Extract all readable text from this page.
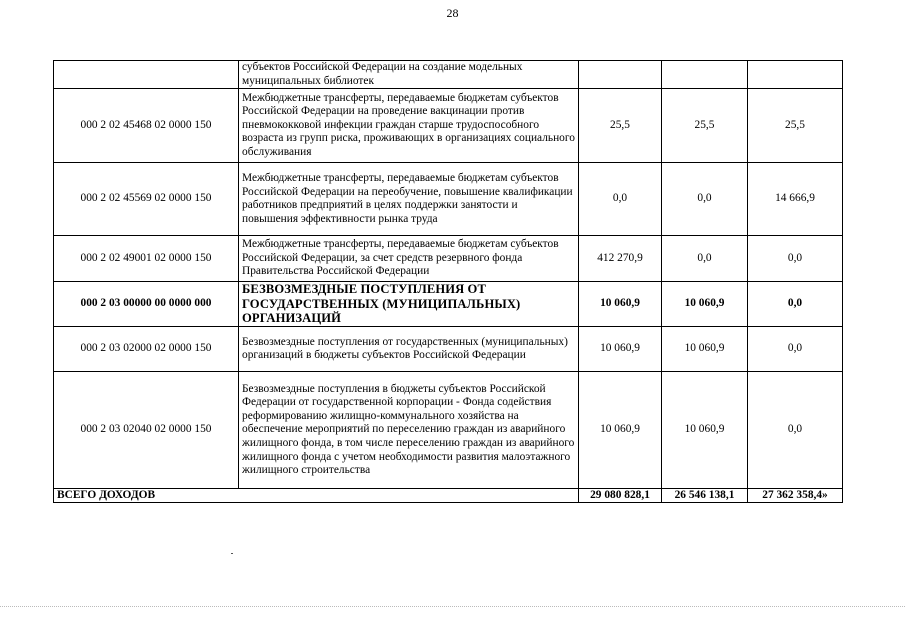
28
	субъектов Российской Федерации на создание модельных муниципальных библиотек			
000 2 02 45468 02 0000 150	Межбюджетные трансферты, передаваемые бюджетам субъектов Российской Федерации на проведение вакцинации против пневмококковой инфекции граждан старше трудоспособного возраста из групп риска, проживающих в организациях социального обслуживания	25,5	25,5	25,5
000 2 02 45569 02 0000 150	Межбюджетные трансферты, передаваемые бюджетам субъектов Российской Федерации на переобучение, повышение квалификации работников предприятий в целях поддержки занятости и повышения эффективности рынка труда	0,0	0,0	14 666,9
000 2 02 49001 02 0000 150	Межбюджетные трансферты, передаваемые бюджетам субъектов Российской Федерации, за счет средств резервного фонда Правительства Российской Федерации	412 270,9	0,0	0,0
000 2 03 00000 00 0000 000	БЕЗВОЗМЕЗДНЫЕ ПОСТУПЛЕНИЯ ОТ ГОСУДАРСТВЕННЫХ (МУНИЦИПАЛЬНЫХ) ОРГАНИЗАЦИЙ	10 060,9	10 060,9	0,0
000 2 03 02000 02 0000 150	Безвозмездные поступления от государственных (муниципальных) организаций в бюджеты субъектов Российской Федерации	10 060,9	10 060,9	0,0
000 2 03 02040 02 0000 150	Безвозмездные поступления в бюджеты субъектов Российской Федерации от государственной корпорации - Фонда содействия реформированию жилищно-коммунального хозяйства на обеспечение мероприятий по переселению граждан из аварийного жилищного фонда, в том числе переселению граждан из аварийного жилищного фонда с учетом необходимости развития малоэтажного жилищного строительства	10 060,9	10 060,9	0,0
ВСЕГО ДОХОДОВ		29 080 828,1	26 546 138,1	27 362 358,4»
